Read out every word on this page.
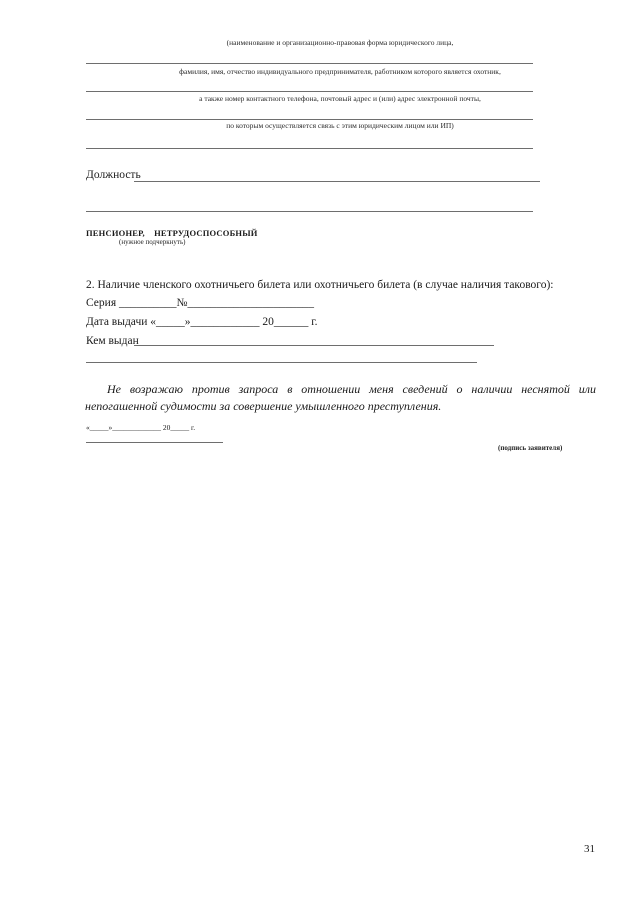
(наименование и организационно-правовая форма юридического лица,
фамилия, имя, отчество индивидуального предпринимателя, работником которого является охотник,
а также номер контактного телефона, почтовый адрес и (или) адрес электронной почты,
по которым осуществляется связь с этим юридическим лицом или ИП)
Должность
ПЕНСИОНЕР,    НЕТРУДОСПОСОБНЫЙ
(нужное подчеркнуть)
2. Наличие членского охотничьего билета или охотничьего билета (в случае наличия такового):
Серия __________№______________________
Дата выдачи «_____»____________ 20______ г.
Кем выдан
Не возражаю против запроса в отношении меня сведений о наличии неснятой или непогашенной судимости за совершение умышленного преступления.
«_____»_____________ 20_____ г.
(подпись заявителя)
31
